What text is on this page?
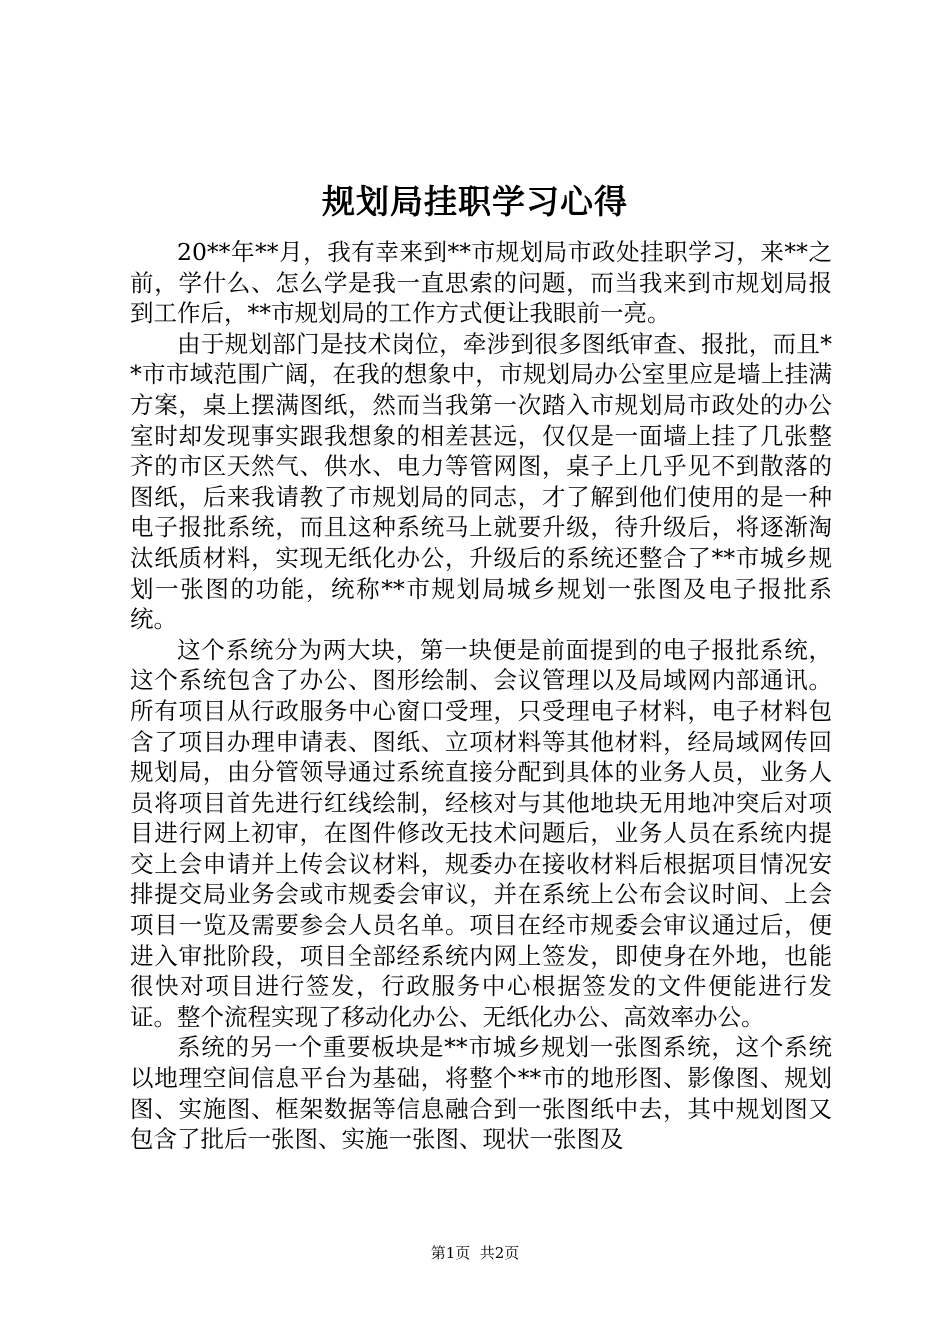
规划局挂职学习心得

20**年**月，我有幸来到**市规划局市政处挂职学习，来**之前，学什么、怎么学是我一直思索的问题，而当我来到市规划局报到工作后，**市规划局的工作方式便让我眼前一亮。

由于规划部门是技术岗位，牵涉到很多图纸审查、报批，而且**市市域范围广阔，在我的想象中，市规划局办公室里应是墙上挂满方案，桌上摆满图纸，然而当我第一次踏入市规划局市政处的办公室时却发现事实跟我想象的相差甚远，仅仅是一面墙上挂了几张整齐的市区天然气、供水、电力等管网图，桌子上几乎见不到散落的图纸，后来我请教了市规划局的同志，才了解到他们使用的是一种电子报批系统，而且这种系统马上就要升级，待升级后，将逐渐淘汰纸质材料，实现无纸化办公，升级后的系统还整合了**市城乡规划一张图的功能，统称**市规划局城乡规划一张图及电子报批系统。

这个系统分为两大块，第一块便是前面提到的电子报批系统，这个系统包含了办公、图形绘制、会议管理以及局域网内部通讯。所有项目从行政服务中心窗口受理，只受理电子材料，电子材料包含了项目办理申请表、图纸、立项材料等其他材料，经局域网传回规划局，由分管领导通过系统直接分配到具体的业务人员，业务人员将项目首先进行红线绘制，经核对与其他地块无用地冲突后对项目进行网上初审，在图件修改无技术问题后，业务人员在系统内提交上会申请并上传会议材料，规委办在接收材料后根据项目情况安排提交局业务会或市规委会审议，并在系统上公布会议时间、上会项目一览及需要参会人员名单。项目在经市规委会审议通过后，便进入审批阶段，项目全部经系统内网上签发，即使身在外地，也能很快对项目进行签发，行政服务中心根据签发的文件便能进行发证。整个流程实现了移动化办公、无纸化办公、高效率办公。

系统的另一个重要板块是**市城乡规划一张图系统，这个系统以地理空间信息平台为基础，将整个**市的地形图、影像图、规划图、实施图、框架数据等信息融合到一张图纸中去，其中规划图又包含了批后一张图、实施一张图、现状一张图及

第1页  共2页
